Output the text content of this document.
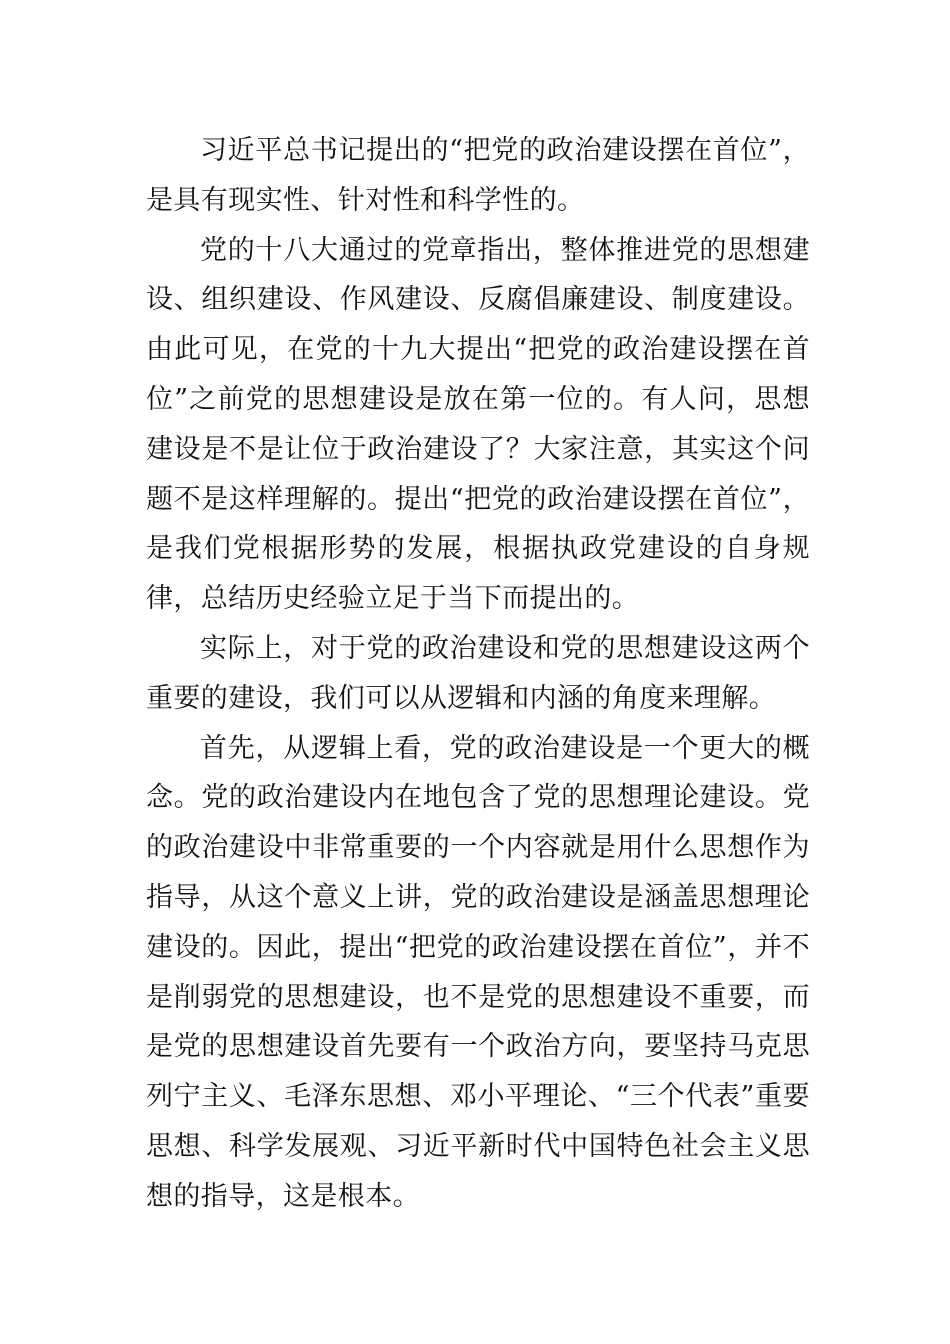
习近平总书记提出的“把党的政治建设摆在首位”，是具有现实性、针对性和科学性的。

党的十八大通过的党章指出，整体推进党的思想建设、组织建设、作风建设、反腐倡廉建设、制度建设。由此可见，在党的十九大提出“把党的政治建设摆在首位”之前党的思想建设是放在第一位的。有人问，思想建设是不是让位于政治建设了？大家注意，其实这个问题不是这样理解的。提出“把党的政治建设摆在首位”，是我们党根据形势的发展，根据执政党建设的自身规律，总结历史经验立足于当下而提出的。

实际上，对于党的政治建设和党的思想建设这两个重要的建设，我们可以从逻辑和内涵的角度来理解。

首先，从逻辑上看，党的政治建设是一个更大的概念。党的政治建设内在地包含了党的思想理论建设。党的政治建设中非常重要的一个内容就是用什么思想作为指导，从这个意义上讲，党的政治建设是涵盖思想理论建设的。因此，提出“把党的政治建设摆在首位”，并不是削弱党的思想建设，也不是党的思想建设不重要，而是党的思想建设首先要有一个政治方向，要坚持马克思列宁主义、毛泽东思想、邓小平理论、“三个代表”重要思想、科学发展观、习近平新时代中国特色社会主义思想的指导，这是根本。
